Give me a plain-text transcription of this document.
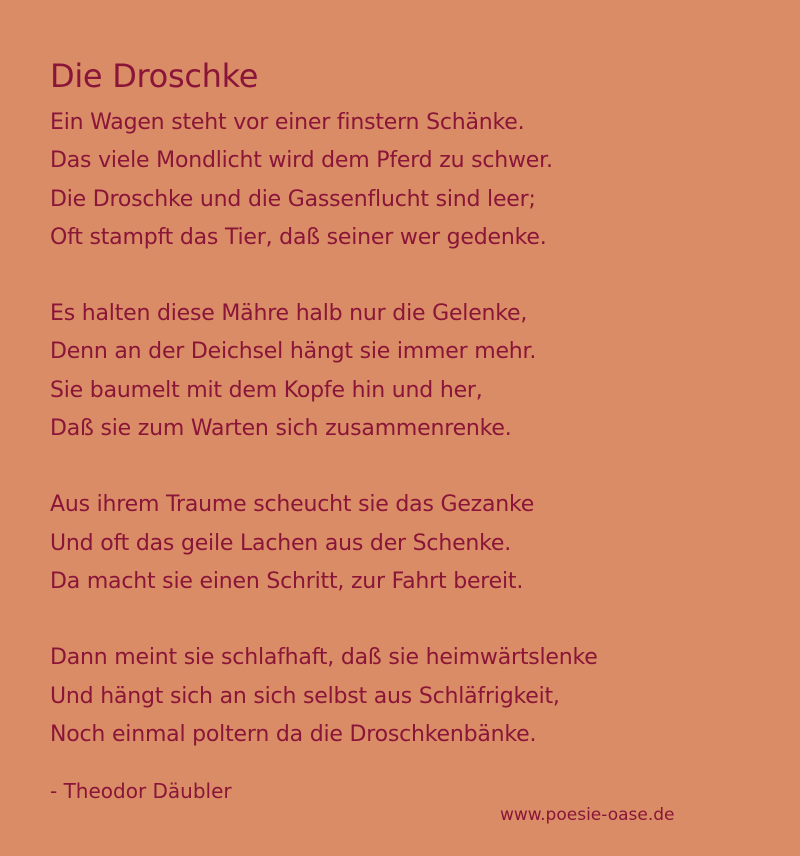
Die Droschke
Ein Wagen steht vor einer finstern Schänke.
Das viele Mondlicht wird dem Pferd zu schwer.
Die Droschke und die Gassenflucht sind leer;
Oft stampft das Tier, daß seiner wer gedenke.
Es halten diese Mähre halb nur die Gelenke,
Denn an der Deichsel hängt sie immer mehr.
Sie baumelt mit dem Kopfe hin und her,
Daß sie zum Warten sich zusammenrenke.
Aus ihrem Traume scheucht sie das Gezanke
Und oft das geile Lachen aus der Schenke.
Da macht sie einen Schritt, zur Fahrt bereit.
Dann meint sie schlafhaft, daß sie heimwärtslenke
Und hängt sich an sich selbst aus Schläfrigkeit,
Noch einmal poltern da die Droschkenbänke.
- Theodor Däubler
www.poesie-oase.de
